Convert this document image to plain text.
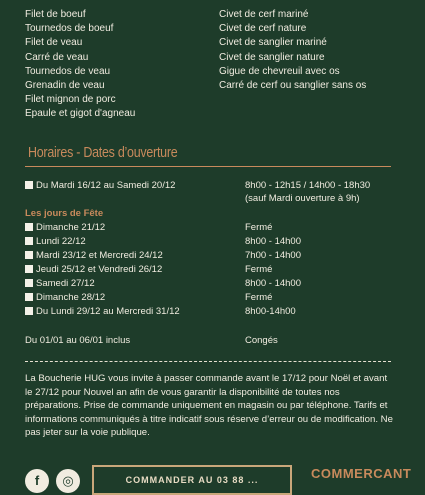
Filet de boeuf
Tournedos de boeuf
Filet de veau
Carré de veau
Tournedos de veau
Grenadin de veau
Filet mignon de porc
Epaule et gigot d'agneau
Civet de cerf mariné
Civet de cerf nature
Civet de sanglier mariné
Civet de sanglier nature
Gigue de chevreuil avec os
Carré de cerf ou sanglier sans os
Horaires - Dates d’ouverture
Du Mardi 16/12 au Samedi 20/12	8h00 - 12h15 / 14h00 - 18h30
(sauf Mardi ouverture à 9h)
Les jours de Fête
Dimanche 21/12	Fermé
Lundi 22/12	8h00 - 14h00
Mardi 23/12 et Mercredi 24/12	7h00 - 14h00
Jeudi 25/12 et Vendredi 26/12	Fermé
Samedi 27/12	8h00 - 14h00
Dimanche 28/12	Fermé
Du Lundi 29/12 au Mercredi 31/12	8h00-14h00
Du 01/01 au 06/01 inclus	Congés
La Boucherie HUG vous invite à passer commande avant le 17/12 pour Noël et avant le 27/12 pour Nouvel an afin de vous garantir la disponibilité de toutes nos préparations. Prise de commande uniquement en magasin ou par téléphone. Tarifs et informations communiqués à titre indicatif sous réserve d’erreur ou de modification. Ne pas jeter sur la voie publique.
f	◎	COMMANDER AU 03 88 ...	COMMERCANT
